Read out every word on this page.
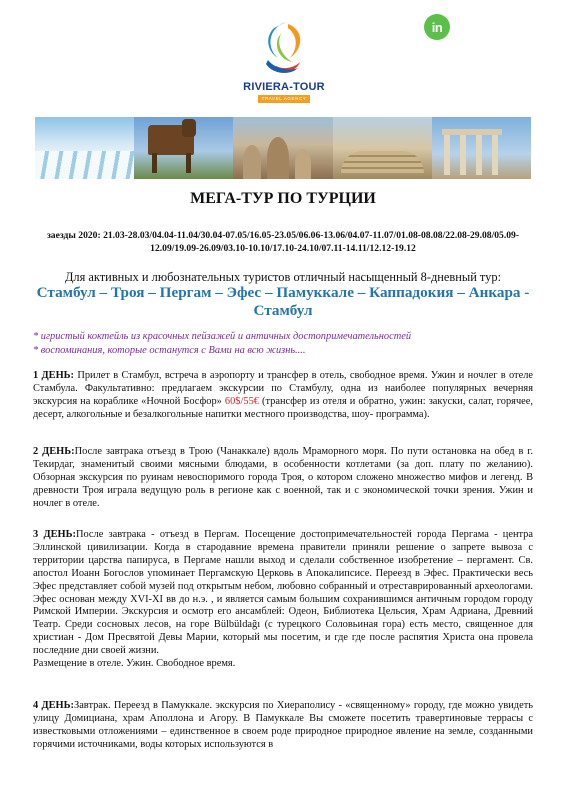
in
RIVIERA-TOUR
TRAVEL AGENCY
МЕГА-ТУР ПО ТУРЦИИ
заезды 2020: 21.03-28.03/04.04-11.04/30.04-07.05/16.05-23.05/06.06-13.06/04.07-11.07/01.08-08.08/22.08-29.08/05.09-12.09/19.09-26.09/03.10-10.10/17.10-24.10/07.11-14.11/12.12-19.12
Для активных и любознательных туристов отличный насыщенный 8-дневный тур:
Стамбул – Троя – Пергам – Эфес – Памуккале – Каппадокия – Анкара - Стамбул
* игристый коктейль из красочных пейзажей и античных достопримечательностей
* воспоминания, которые останутся с Вами на всю жизнь....
1 ДЕНЬ: Прилет в Стамбул, встреча в аэропорту и трансфер в отель, свободное время. Ужин и ночлег в отеле Стамбула. Факультативно: предлагаем экскурсии по Стамбулу, одна из наиболее популярных вечерняя экскурсия на кораблике «Ночной Босфор» 60$/55€ (трансфер из отеля и обратно, ужин: закуски, салат, горячее, десерт, алкогольные и безалкогольные напитки местного производства, шоу- программа).
2 ДЕНЬ:После завтрака отъезд в Трою (Чанаккале) вдоль Мраморного моря. По пути остановка на обед в г. Текирдаг, знаменитый своими мясными блюдами, в особенности котлетами (за доп. плату по желанию). Обзорная экскурсия по руинам невоспоримого города Троя, о котором сложено множество мифов и легенд. В древности Троя играла ведущую роль в регионе как с военной, так и с экономической точки зрения. Ужин и ночлег в отеле.
3 ДЕНЬ:После завтрака - отъезд в Пергам. Посещение достопримечательностей города Пергама - центра Эллинской цивилизации. Когда в стародавние времена правители приняли решение о запрете вывоза с территории царства папируса, в Пергаме нашли выход и сделали собственное изобретение – пергамент. Св. апостол Иоанн Богослов упоминает Пергамскую Церковь в Апокалипсисе. Переезд в Эфес. Практически весь Эфес представляет собой музей под открытым небом, любовно собранный и отреставрированный археологами. Эфес основан между XVI-XI вв до н.э. , и является самым большим сохранившимся античным городом городу Римской Империи. Экскурсия и осмотр его ансамблей: Одеон, Библиотека Цельсия, Храм Адриана, Древний Театр. Среди сосновых лесов, на горе Bülbüldağı (с турецкого Соловьиная гора) есть место, священное для христиан - Дом Пресвятой Девы Марии, который мы посетим, и где где после распятия Христа она провела последние дни своей жизни.
Размещение в отеле. Ужин. Свободное время.
4 ДЕНЬ:Завтрак. Переезд в Памуккале. экскурсия по Хиераполису - «священному» городу, где можно увидеть улицу Домициана, храм Аполлона и Агору. В Памуккале Вы сможете посетить травертиновые террасы с известковыми отложениями – единственное в своем роде природное природное явление на земле, созданными горячими источниками, воды которых используются в
